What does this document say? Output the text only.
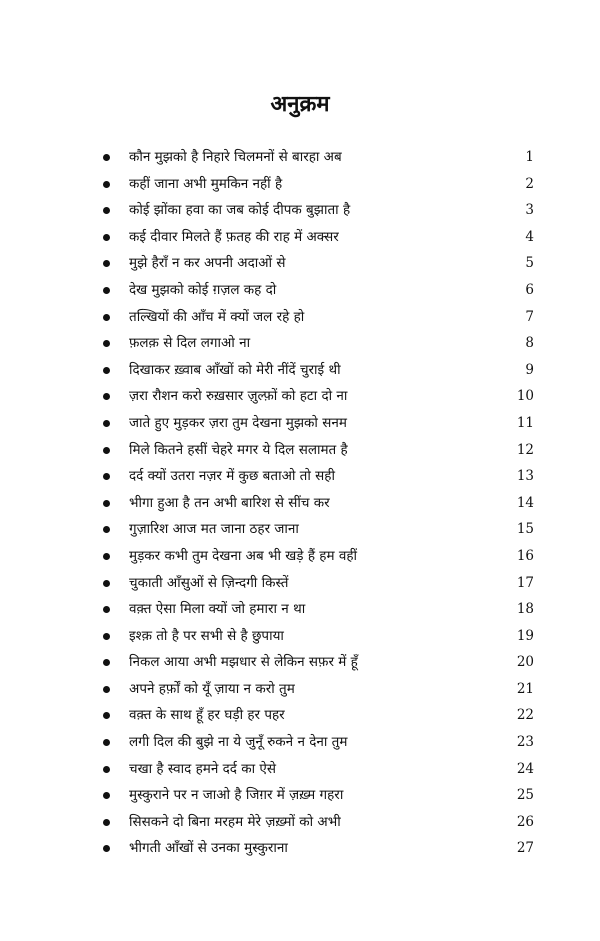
अनुक्रम
कौन मुझको है निहारे चिलमनों से बारहा अब	1
कहीं जाना अभी मुमकिन नहीं है	2
कोई झोंका हवा का जब कोई दीपक बुझाता है	3
कई दीवार मिलते हैं फ़तह की राह में अक्सर	4
मुझे हैराँ न कर अपनी अदाओं से	5
देख मुझको कोई ग़ज़ल कह दो	6
तल्खियों की आँच में क्यों जल रहे हो	7
फ़लक़ से दिल लगाओ ना	8
दिखाकर ख़्वाब आँखों को मेरी नींदें चुराई थी	9
ज़रा रौशन करो रुख़सार ज़ुल्फ़ों को हटा दो ना	10
जाते हुए मुड़कर ज़रा तुम देखना मुझको सनम	11
मिले कितने हसीं चेहरे मगर ये दिल सलामत है	12
दर्द क्यों उतरा नज़र में कुछ बताओ तो सही	13
भीगा हुआ है तन अभी बारिश से सींच कर	14
गुज़ारिश आज मत जाना ठहर जाना	15
मुड़कर कभी तुम देखना अब भी खड़े हैं हम वहीं	16
चुकाती आँसुओं से ज़िन्दगी किस्तें	17
वक़्त ऐसा मिला क्यों जो हमारा न था	18
इश्क़ तो है पर सभी से है छुपाया	19
निकल आया अभी मझधार से लेकिन सफ़र में हूँ	20
अपने हर्फ़ों को यूँ ज़ाया न करो तुम	21
वक़्त के साथ हूँ हर घड़ी हर पहर	22
लगी दिल की बुझे ना ये जुनूँ रुकने न देना तुम	23
चखा है स्वाद हमने दर्द का ऐसे	24
मुस्कुराने पर न जाओ है जिग़र में ज़ख़्म गहरा	25
सिसकने दो बिना मरहम मेरे ज़ख़्मों को अभी	26
भीगती आँखों से उनका मुस्कुराना	27
